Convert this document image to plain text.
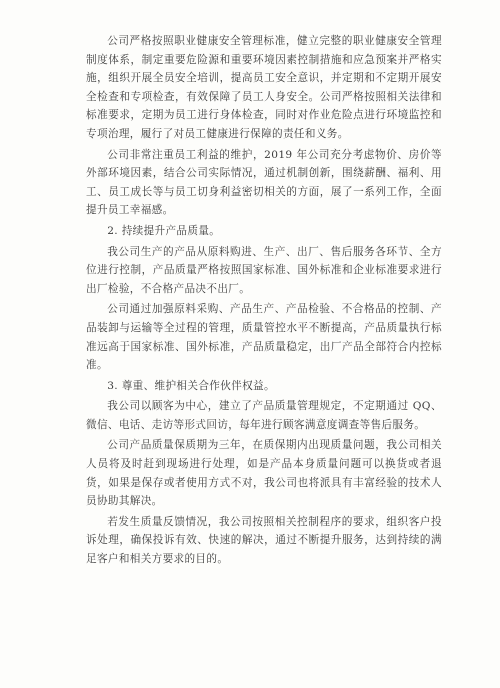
公司严格按照职业健康安全管理标准，健立完整的职业健康安全管理制度体系，制定重要危险源和重要环境因素控制措施和应急预案并严格实施，组织开展全员安全培训，提高员工安全意识，并定期和不定期开展安全检查和专项检查，有效保障了员工人身安全。公司严格按照相关法律和标准要求，定期为员工进行身体检查，同时对作业危险点进行环境监控和专项治理，履行了对员工健康进行保障的责任和义务。

公司非常注重员工利益的维护，2019 年公司充分考虑物价、房价等外部环境因素，结合公司实际情况，通过机制创新，围绕薪酬、福利、用工、员工成长等与员工切身利益密切相关的方面，展了一系列工作，全面提升员工幸福感。

2. 持续提升产品质量。

我公司生产的产品从原料购进、生产、出厂、售后服务各环节、全方位进行控制，产品质量严格按照国家标准、国外标准和企业标准要求进行出厂检验，不合格产品决不出厂。

公司通过加强原料采购、产品生产、产品检验、不合格品的控制、产品装卸与运输等全过程的管理，质量管控水平不断提高，产品质量执行标准远高于国家标准、国外标准，产品质量稳定，出厂产品全部符合内控标准。

3. 尊重、维护相关合作伙伴权益。

我公司以顾客为中心，建立了产品质量管理规定，不定期通过 QQ、微信、电话、走访等形式回访，每年进行顾客满意度调查等售后服务。

公司产品质量保质期为三年，在质保期内出现质量问题，我公司相关人员将及时赶到现场进行处理，如是产品本身质量问题可以换货或者退货，如果是保存或者使用方式不对，我公司也将派具有丰富经验的技术人员协助其解决。

若发生质量反馈情况，我公司按照相关控制程序的要求，组织客户投诉处理，确保投诉有效、快速的解决，通过不断提升服务，达到持续的满足客户和相关方要求的目的。
